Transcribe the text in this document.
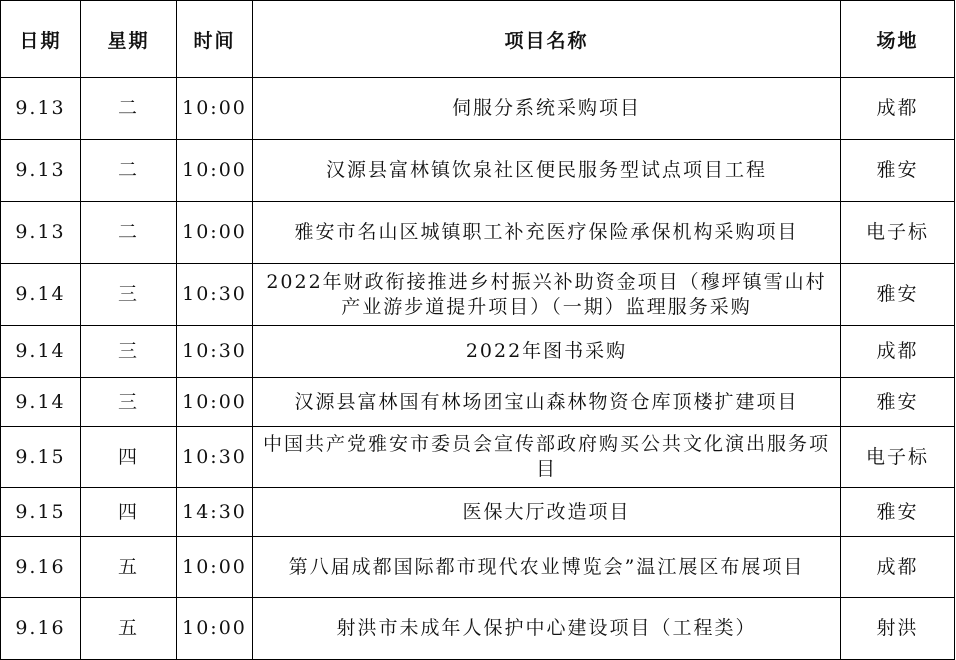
日期	星期	时间	项目名称	场地
9.13	二	10:00	伺服分系统采购项目	成都
9.13	二	10:00	汉源县富林镇饮泉社区便民服务型试点项目工程	雅安
9.13	二	10:00	雅安市名山区城镇职工补充医疗保险承保机构采购项目	电子标
9.14	三	10:30	2022年财政衔接推进乡村振兴补助资金项目（穆坪镇雪山村产业游步道提升项目）（一期）监理服务采购	雅安
9.14	三	10:30	2022年图书采购	成都
9.14	三	10:00	汉源县富林国有林场团宝山森林物资仓库顶楼扩建项目	雅安
9.15	四	10:30	中国共产党雅安市委员会宣传部政府购买公共文化演出服务项目	电子标
9.15	四	14:30	医保大厅改造项目	雅安
9.16	五	10:00	第八届成都国际都市现代农业博览会”温江展区布展项目	成都
9.16	五	10:00	射洪市未成年人保护中心建设项目（工程类）	射洪
